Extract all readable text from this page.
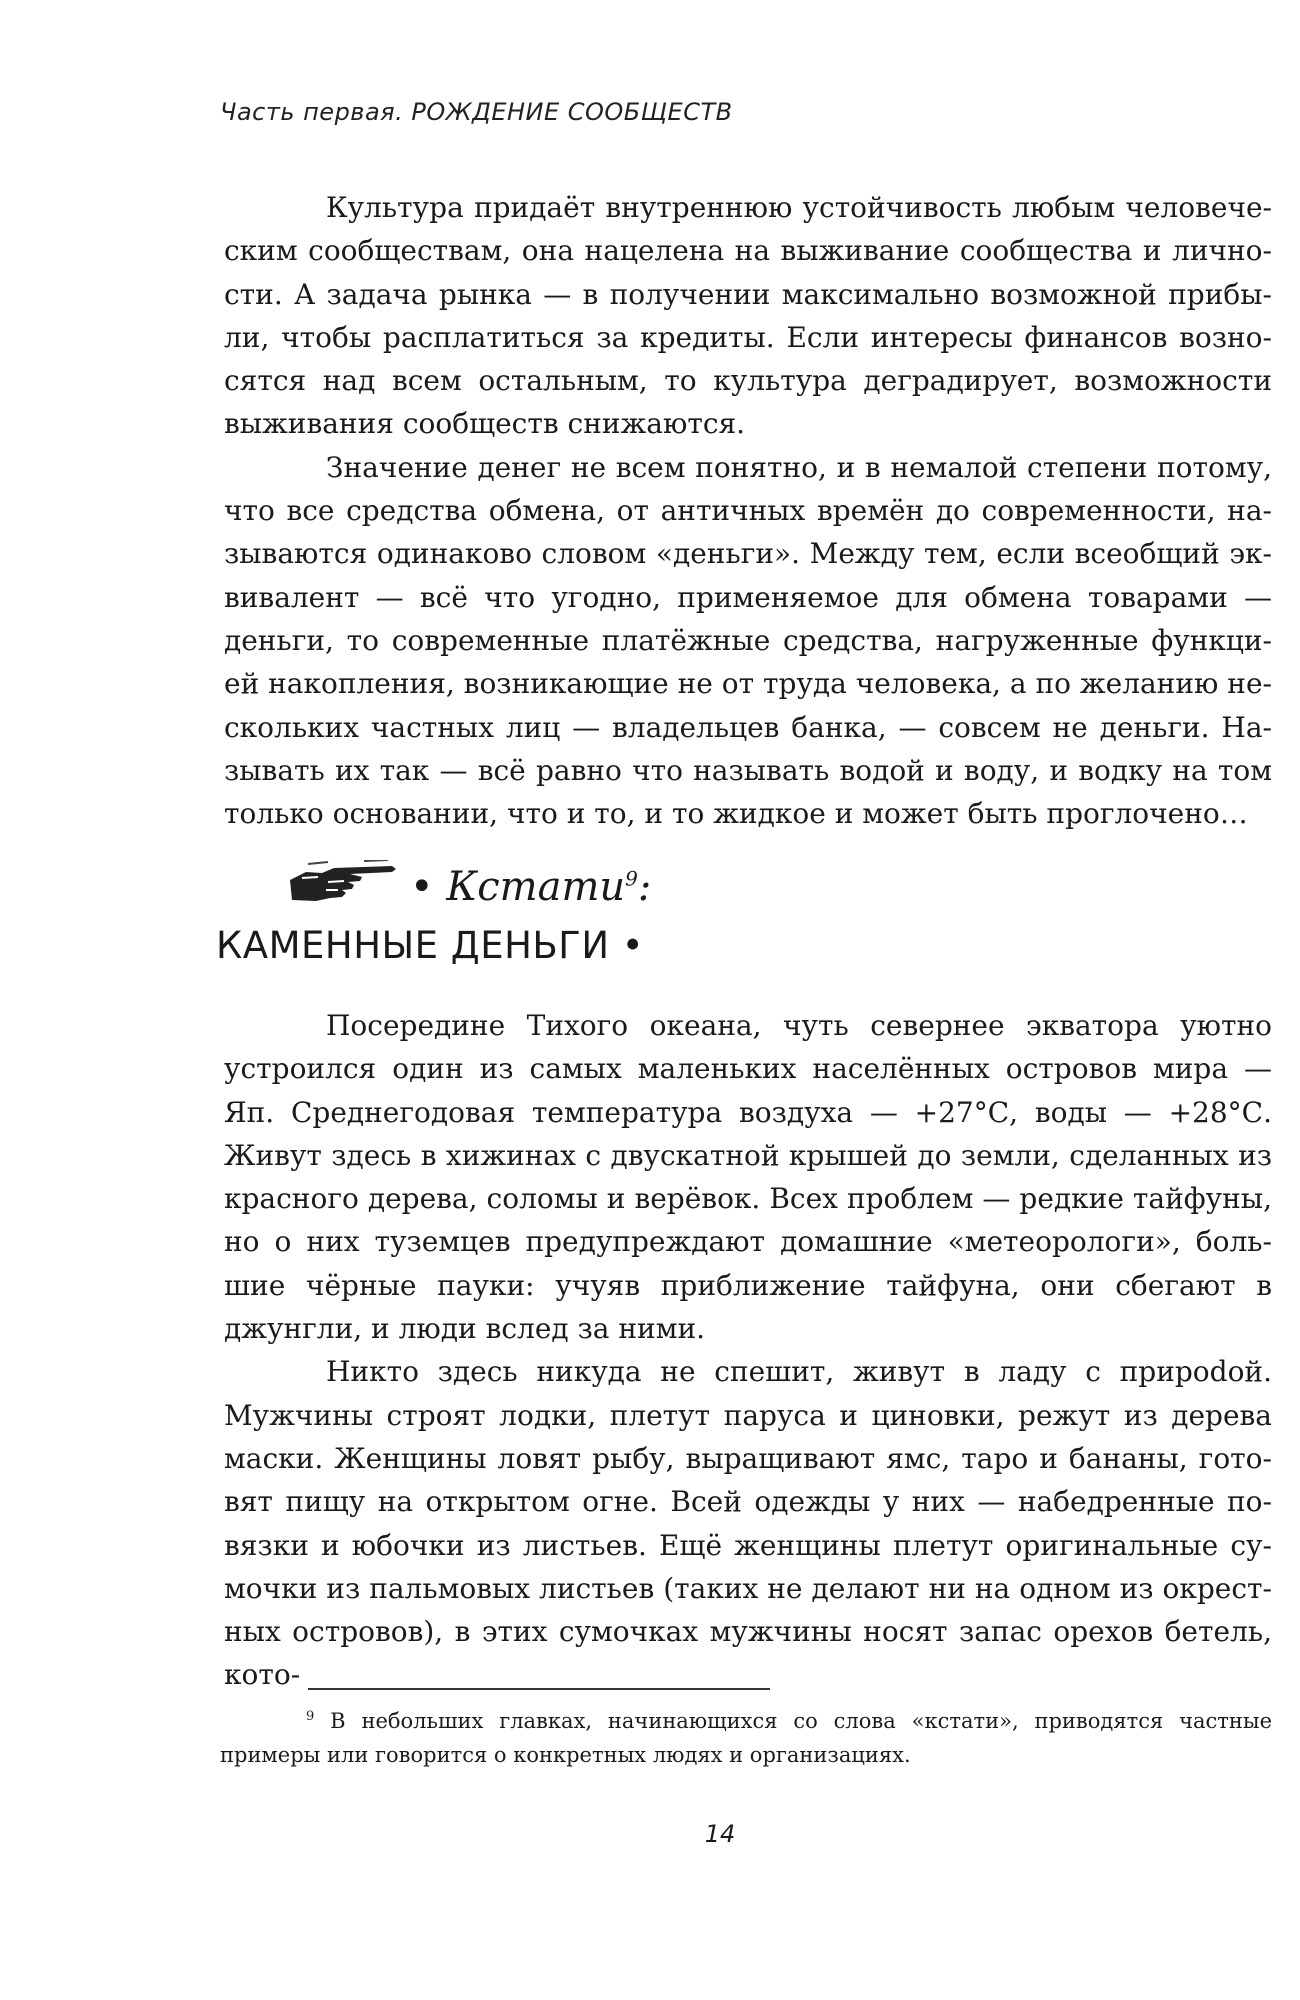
Часть первая. РОЖДЕНИЕ СООБЩЕСТВ

Культура придаёт внутреннюю устойчивость любым человеческим сообществам, она нацелена на выживание сообщества и личности. А задача рынка — в получении максимально возможной прибыли, чтобы расплатиться за кредиты. Если интересы финансов возносятся над всем остальным, то культура деградирует, возможности выживания сообществ снижаются.

Значение денег не всем понятно, и в немалой степени потому, что все средства обмена, от античных времён до современности, называются одинаково словом «деньги». Между тем, если всеобщий эквивалент — всё что угодно, применяемое для обмена товарами — деньги, то современные платёжные средства, нагруженные функцией накопления, возникающие не от труда человека, а по желанию нескольких частных лиц — владельцев банка, — совсем не деньги. Называть их так — всё равно что называть водой и воду, и водку на том только основании, что и то, и то жидкое и может быть проглочено…

• Кстати$^9$:
КАМЕННЫЕ ДЕНЬГИ •

Посередине Тихого океана, чуть севернее экватора уютно устроился один из самых маленьких населённых островов мира — Яп. Среднегодовая температура воздуха — +27°С, воды — +28°С. Живут здесь в хижинах с двускатной крышей до земли, сделанных из красного дерева, соломы и верёвок. Всех проблем — редкие тайфуны, но о них туземцев предупреждают домашние «метеорологи», большие чёрные пауки: учуяв приближение тайфуна, они сбегают в джунгли, и люди вслед за ними.

Никто здесь никуда не спешит, живут в ладу с прироdой. Мужчины строят лодки, плетут паруса и циновки, режут из дерева маски. Женщины ловят рыбу, выращивают ямс, таро и бананы, готовят пищу на открытом огне. Всей одежды у них — набедренные повязки и юбочки из листьев. Ещё женщины плетут оригинальные сумочки из пальмовых листьев (таких не делают ни на одном из окрестных островов), в этих сумочках мужчины носят запас орехов бетель, кото-

$^9$ В небольших главках, начинающихся со слова «кстати», приводятся частные примеры или говорится о конкретных людях и организациях.
14
